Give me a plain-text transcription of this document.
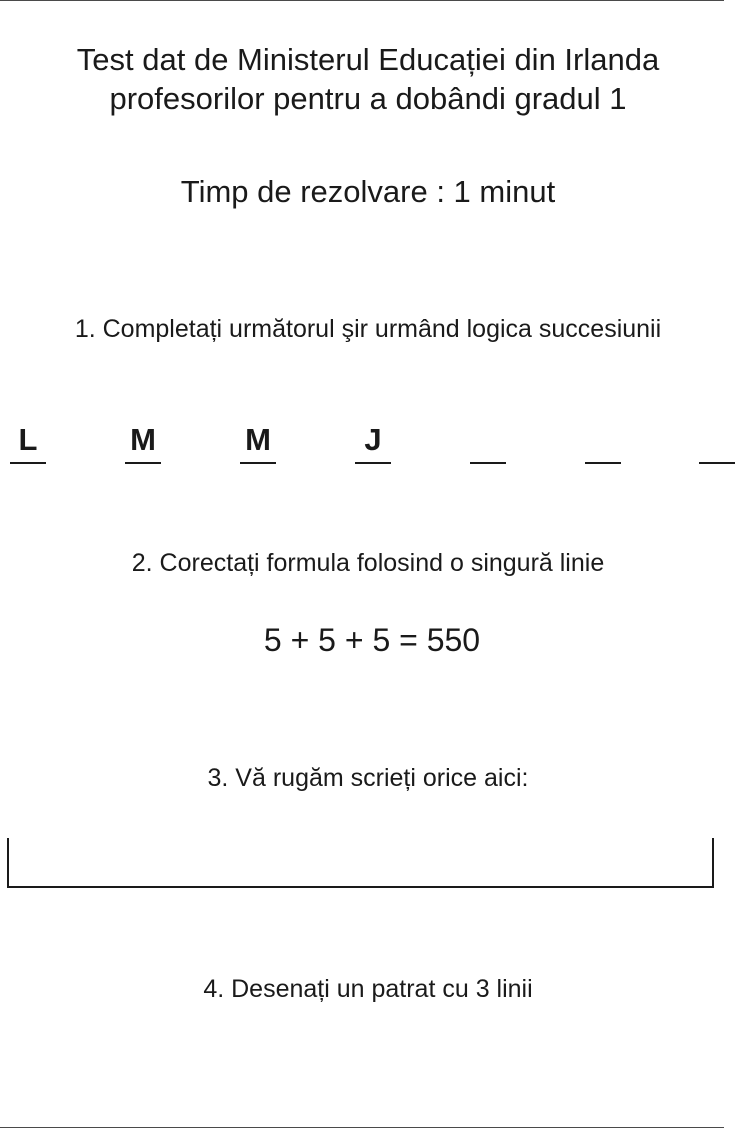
Test dat de Ministerul Educației din Irlanda
profesorilor pentru a dobândi gradul 1
Timp de rezolvare : 1 minut
1. Completați următorul şir urmând logica succesiunii
L	M	M	J
2. Corectați formula folosind o singură linie
5 + 5 + 5 = 550
3. Vă rugăm scrieți orice aici:
4. Desenați un patrat cu 3 linii
